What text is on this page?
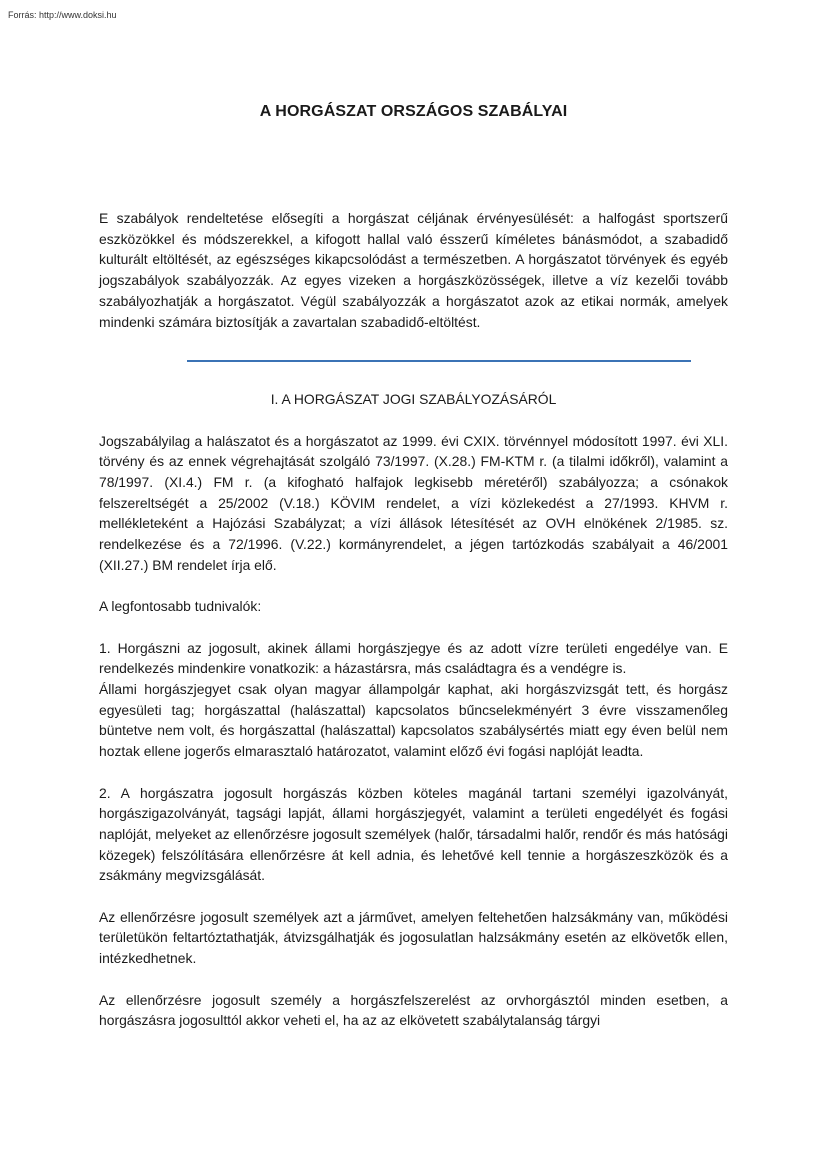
Forrás: http://www.doksi.hu
A HORGÁSZAT ORSZÁGOS SZABÁLYAI

E szabályok rendeltetése elősegíti a horgászat céljának érvényesülését: a halfogást sportszerű eszközökkel és módszerekkel, a kifogott hallal való ésszerű kíméletes bánásmódot, a szabadidő kulturált eltöltését, az egészséges kikapcsolódást a természetben. A horgászatot törvények és egyéb jogszabályok szabályozzák. Az egyes vizeken a horgászközösségek, illetve a víz kezelői tovább szabályozhatják a horgászatot. Végül szabályozzák a horgászatot azok az etikai normák, amelyek mindenki számára biztosítják a zavartalan szabadidő-eltöltést.

I. A HORGÁSZAT JOGI SZABÁLYOZÁSÁRÓL

Jogszabályilag a halászatot és a horgászatot az 1999. évi CXIX. törvénnyel módosított 1997. évi XLI. törvény és az ennek végrehajtását szolgáló 73/1997. (X.28.) FM-KTM r. (a tilalmi időkről), valamint a 78/1997. (XI.4.) FM r. (a kifogható halfajok legkisebb méretéről) szabályozza; a csónakok felszereltségét a 25/2002 (V.18.) KÖVIM rendelet, a vízi közlekedést a 27/1993. KHVM r. mellékleteként a Hajózási Szabályzat; a vízi állások létesítését az OVH elnökének 2/1985. sz. rendelkezése és a 72/1996. (V.22.) kormányrendelet, a jégen tartózkodás szabályait a 46/2001 (XII.27.) BM rendelet írja elő.

A legfontosabb tudnivalók:

1. Horgászni az jogosult, akinek állami horgászjegye és az adott vízre területi engedélye van. E rendelkezés mindenkire vonatkozik: a házastársra, más családtagra és a vendégre is.

Állami horgászjegyet csak olyan magyar állampolgár kaphat, aki horgászvizsgát tett, és horgász egyesületi tag; horgászattal (halászattal) kapcsolatos bűncselekményért 3 évre visszamenőleg büntetve nem volt, és horgászattal (halászattal) kapcsolatos szabálysértés miatt egy éven belül nem hoztak ellene jogerős elmarasztaló határozatot, valamint előző évi fogási naplóját leadta.

2. A horgászatra jogosult horgászás közben köteles magánál tartani személyi igazolványát, horgászigazolványát, tagsági lapját, állami horgászjegyét, valamint a területi engedélyét és fogási naplóját, melyeket az ellenőrzésre jogosult személyek (halőr, társadalmi halőr, rendőr és más hatósági közegek) felszólítására ellenőrzésre át kell adnia, és lehetővé kell tennie a horgászeszközök és a zsákmány megvizsgálását.

Az ellenőrzésre jogosult személyek azt a járművet, amelyen feltehetően halzsákmány van, működési területükön feltartóztathatják, átvizsgálhatják és jogosulatlan halzsákmány esetén az elkövetők ellen, intézkedhetnek.

Az ellenőrzésre jogosult személy a horgászfelszerelést az orvhorgásztól minden esetben, a horgászásra jogosulttól akkor veheti el, ha az az elkövetett szabálytalanság tárgyi
